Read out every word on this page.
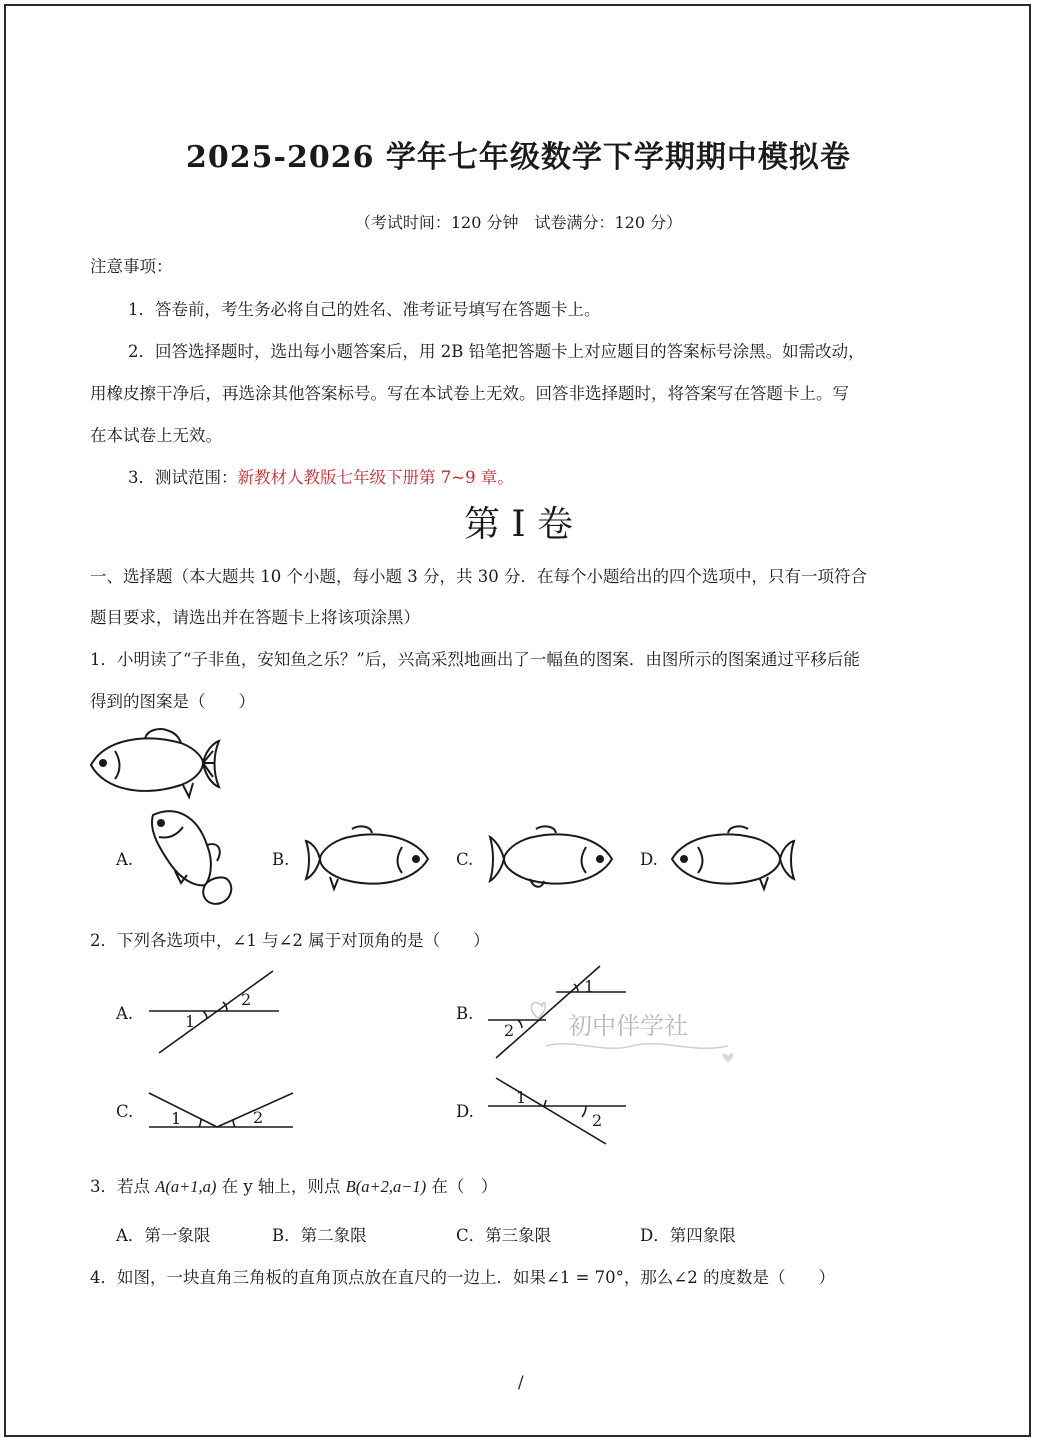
2025-2026 学年七年级数学下学期期中模拟卷
（考试时间：120 分钟　试卷满分：120 分）
注意事项：
1．答卷前，考生务必将自己的姓名、准考证号填写在答题卡上。
2．回答选择题时，选出每小题答案后，用 2B 铅笔把答题卡上对应题目的答案标号涂黑。如需改动，
用橡皮擦干净后，再选涂其他答案标号。写在本试卷上无效。回答非选择题时，将答案写在答题卡上。写
在本试卷上无效。
3．测试范围：新教材人教版七年级下册第 7~9 章。
第 I 卷
一、选择题（本大题共 10 个小题，每小题 3 分，共 30 分．在每个小题给出的四个选项中，只有一项符合
题目要求，请选出并在答题卡上将该项涂黑）
1．小明读了“子非鱼，安知鱼之乐？”后，兴高采烈地画出了一幅鱼的图案．由图所示的图案通过平移后能
得到的图案是（　　）
A.	B.	C.	D.
2．下列各选项中，∠1 与∠2 属于对顶角的是（　　）
A.	1
2
B.
1
2 初中伴学社
C. 1	2	D.
1
2
3．若点 A(a+1,a) 在 y 轴上，则点 B(a+2,a−1) 在（　）
A．第一象限	B．第二象限	C．第三象限	D．第四象限
4．如图，一块直角三角板的直角顶点放在直尺的一边上．如果∠1 = 70°，那么∠2 的度数是（　　）
/
